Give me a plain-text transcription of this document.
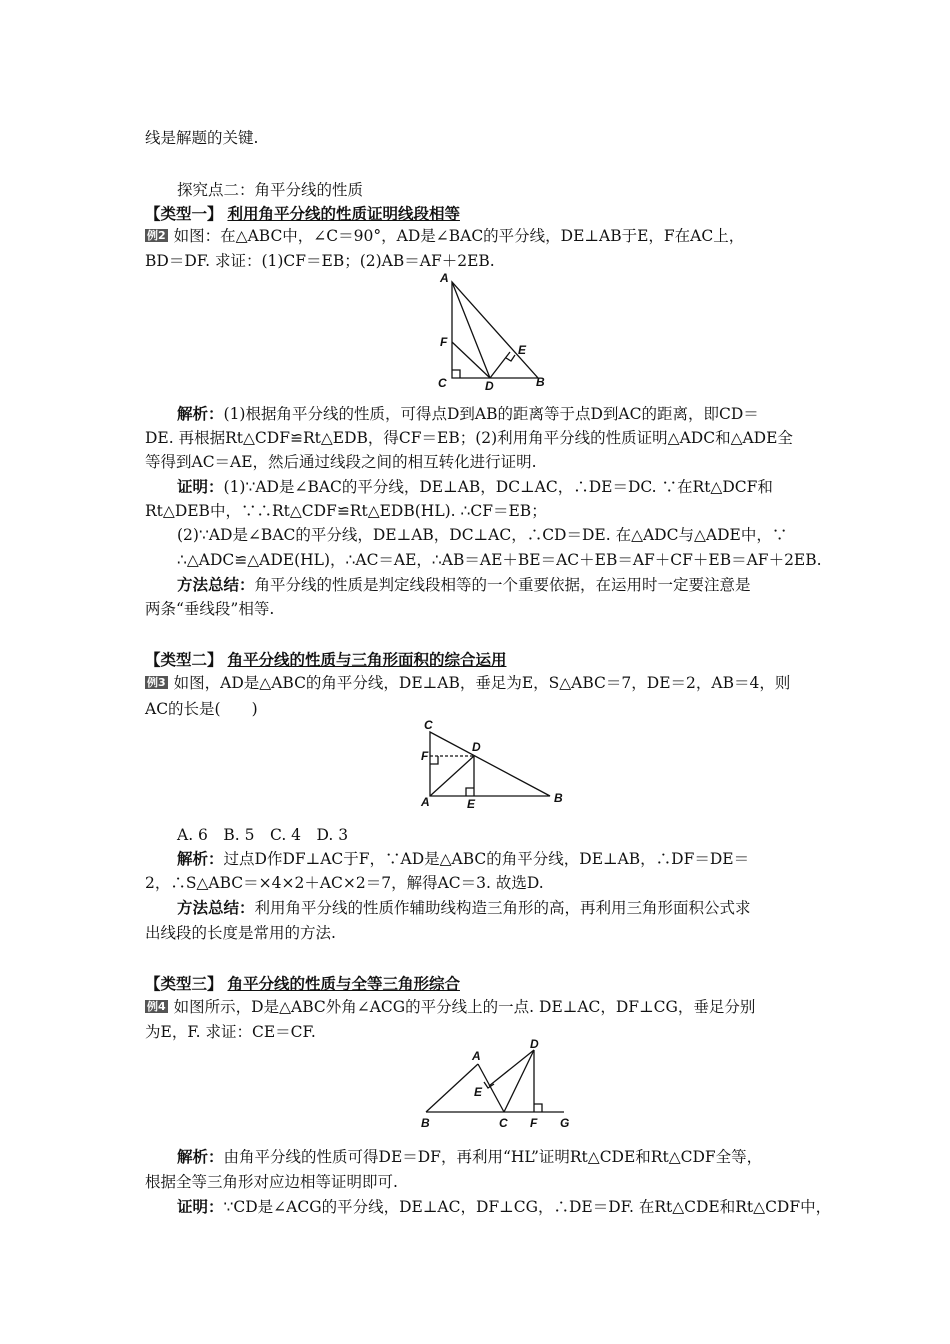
线是解题的关键.
探究点二：角平分线的性质
【类型一】 利用角平分线的性质证明线段相等
例2 如图：在△ABC中，∠C＝90°，AD是∠BAC的平分线，DE⊥AB于E，F在AC上，
BD＝DF. 求证：(1)CF＝EB；(2)AB＝AF＋2EB.
A
F
C	D
E
B
解析：(1)根据角平分线的性质，可得点D到AB的距离等于点D到AC的距离，即CD＝
DE. 再根据Rt△CDF≌Rt△EDB，得CF＝EB；(2)利用角平分线的性质证明△ADC和△ADE全
等得到AC＝AE，然后通过线段之间的相互转化进行证明.
证明：(1)∵AD是∠BAC的平分线，DE⊥AB，DC⊥AC，∴DE＝DC. ∵在Rt△DCF和
Rt△DEB中，∵∴Rt△CDF≌Rt△EDB(HL). ∴CF＝EB；
(2)∵AD是∠BAC的平分线，DE⊥AB，DC⊥AC，∴CD＝DE. 在△ADC与△ADE中，∵
∴△ADC≌△ADE(HL)，∴AC＝AE，∴AB＝AE＋BE＝AC＋EB＝AF＋CF＋EB＝AF＋2EB.
方法总结：角平分线的性质是判定线段相等的一个重要依据，在运用时一定要注意是
两条“垂线段”相等.
【类型二】 角平分线的性质与三角形面积的综合运用
例3 如图，AD是△ABC的角平分线，DE⊥AB，垂足为E，S△ABC＝7，DE＝2，AB＝4，则
AC的长是(　　)
C
F
D
A	E	B
A. 6　B. 5　C. 4　D. 3
解析：过点D作DF⊥AC于F，∵AD是△ABC的角平分线，DE⊥AB，∴DF＝DE＝
2，∴S△ABC＝×4×2＋AC×2＝7，解得AC＝3. 故选D.
方法总结：利用角平分线的性质作辅助线构造三角形的高，再利用三角形面积公式求
出线段的长度是常用的方法.
【类型三】 角平分线的性质与全等三角形综合
例4 如图所示，D是△ABC外角∠ACG的平分线上的一点. DE⊥AC，DF⊥CG，垂足分别
为E，F. 求证：CE＝CF.
A
D
E
B	C F G
解析：由角平分线的性质可得DE＝DF，再利用“HL”证明Rt△CDE和Rt△CDF全等，
根据全等三角形对应边相等证明即可.
证明：∵CD是∠ACG的平分线，DE⊥AC，DF⊥CG，∴DE＝DF. 在Rt△CDE和Rt△CDF中，
